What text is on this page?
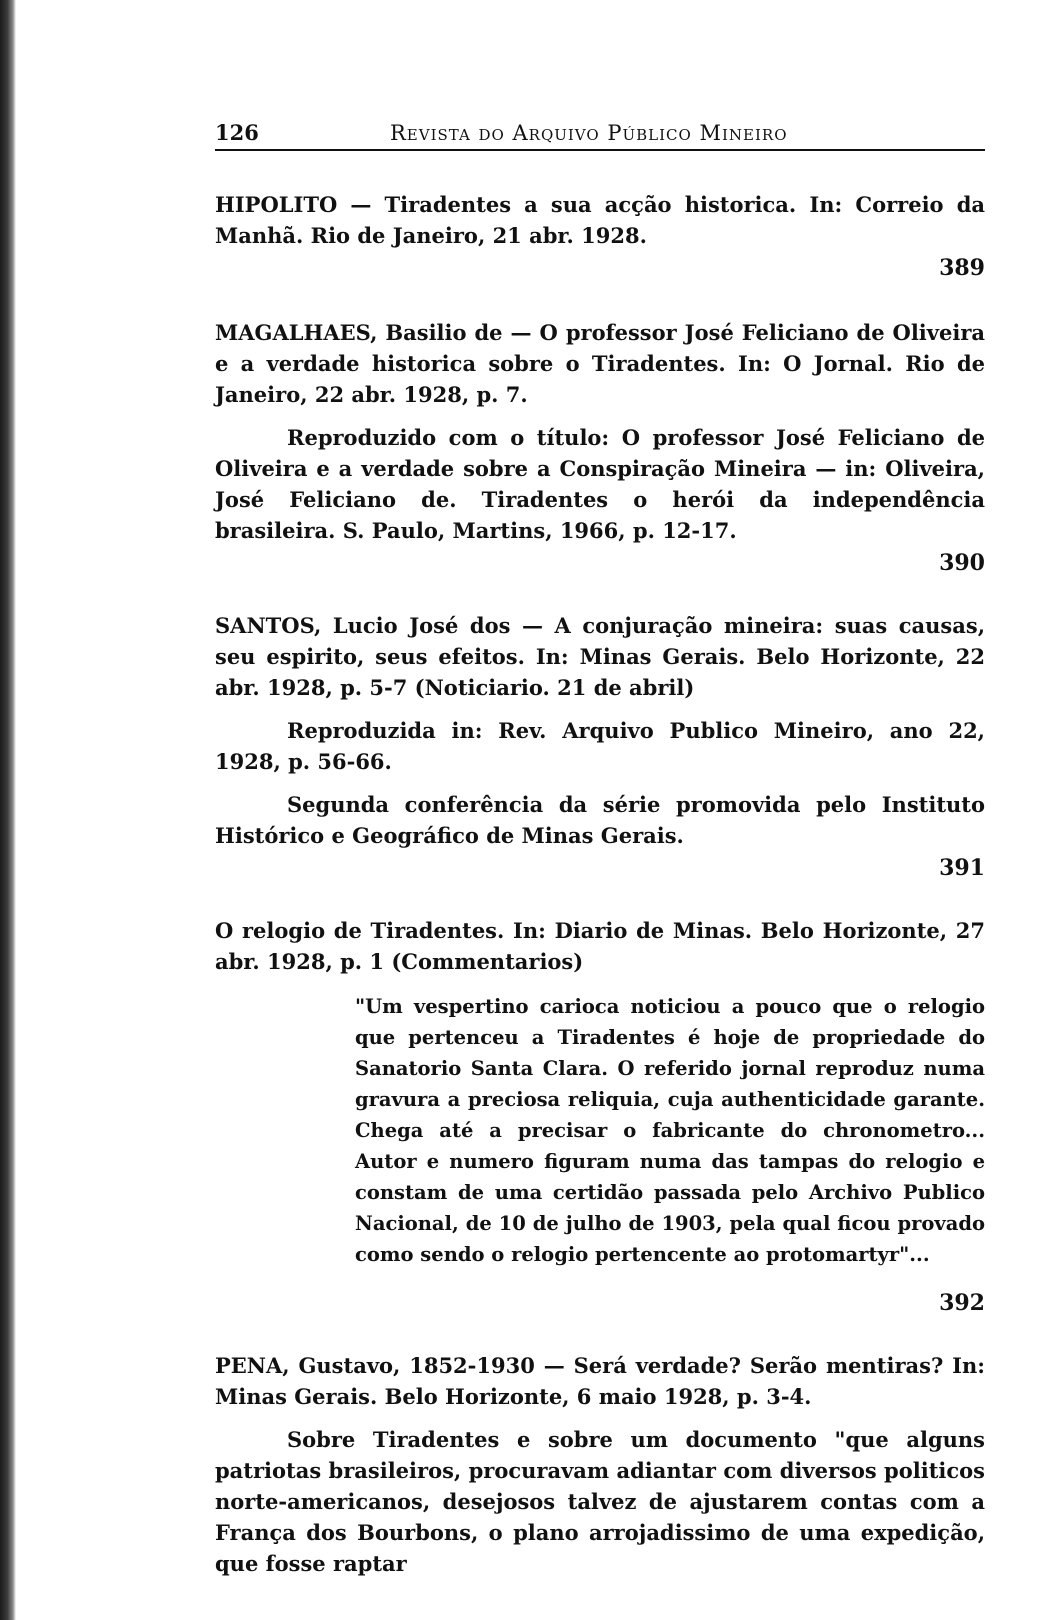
126	Revista do Arquivo Público Mineiro

HIPOLITO — Tiradentes a sua acção historica. In: Correio da Manhã. Rio de Janeiro, 21 abr. 1928.

389

MAGALHAES, Basilio de — O professor José Feliciano de Oliveira e a verdade historica sobre o Tiradentes. In: O Jornal. Rio de Janeiro, 22 abr. 1928, p. 7.

Reproduzido com o título: O professor José Feliciano de Oliveira e a verdade sobre a Conspiração Mineira — in: Oliveira, José Feliciano de. Tiradentes o herói da independência brasileira. S. Paulo, Martins, 1966, p. 12-17.

390

SANTOS, Lucio José dos — A conjuração mineira: suas causas, seu espirito, seus efeitos. In: Minas Gerais. Belo Horizonte, 22 abr. 1928, p. 5-7 (Noticiario. 21 de abril)

Reproduzida in: Rev. Arquivo Publico Mineiro, ano 22, 1928, p. 56-66.

Segunda conferência da série promovida pelo Instituto Histórico e Geográfico de Minas Gerais.

391

O relogio de Tiradentes. In: Diario de Minas. Belo Horizonte, 27 abr. 1928, p. 1 (Commentarios)

"Um vespertino carioca noticiou a pouco que o relogio que pertenceu a Tiradentes é hoje de propriedade do Sanatorio Santa Clara. O referido jornal reproduz numa gravura a preciosa reliquia, cuja authenticidade garante. Chega até a precisar o fabricante do chronometro... Autor e numero figuram numa das tampas do relogio e constam de uma certidão passada pelo Archivo Publico Nacional, de 10 de julho de 1903, pela qual ficou provado como sendo o relogio pertencente ao protomartyr"...

392

PENA, Gustavo, 1852-1930 — Será verdade? Serão mentiras? In: Minas Gerais. Belo Horizonte, 6 maio 1928, p. 3-4.

Sobre Tiradentes e sobre um documento "que alguns patriotas brasileiros, procuravam adiantar com diversos politicos norte-americanos, desejosos talvez de ajustarem contas com a França dos Bourbons, o plano arrojadissimo de uma expedição, que fosse raptar
